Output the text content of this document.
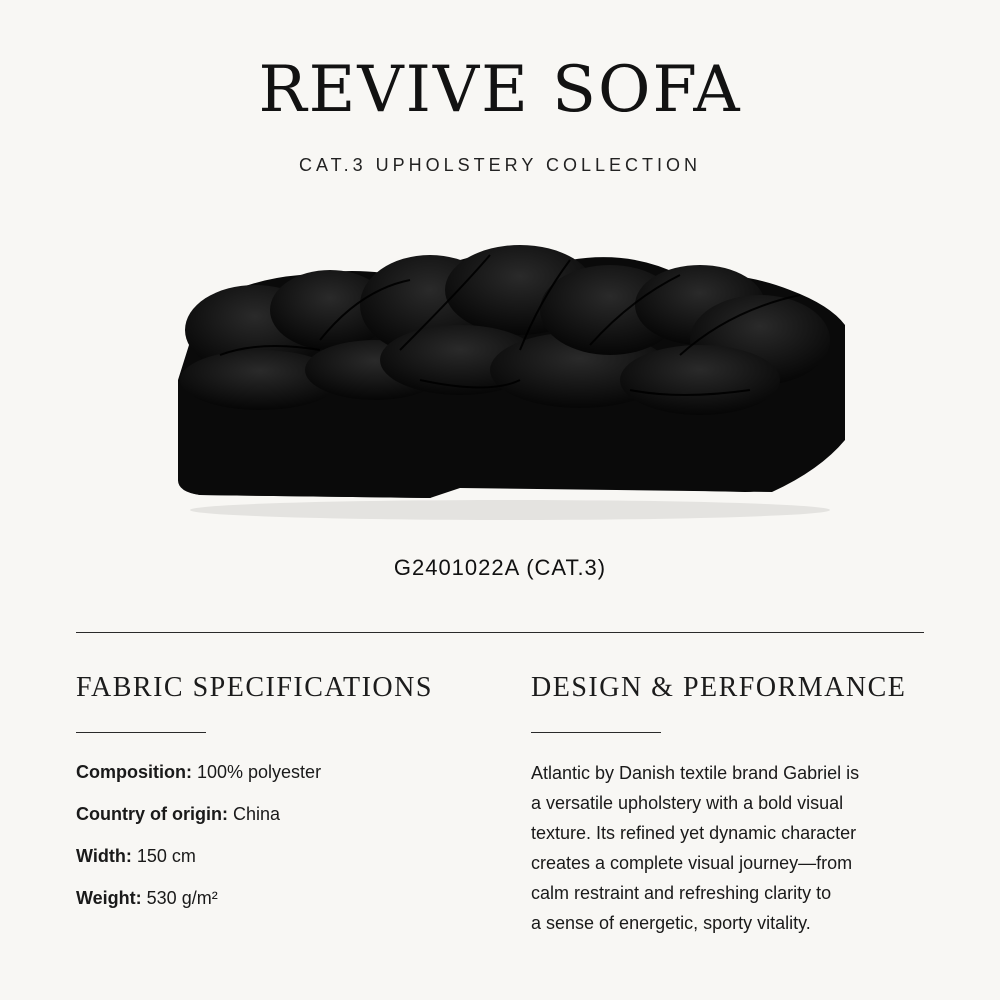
REVIVE SOFA
CAT.3 UPHOLSTERY COLLECTION
G2401022A (CAT.3)
FABRIC SPECIFICATIONS	DESIGN & PERFORMANCE
Composition: 100% polyester
Country of origin: China
Width: 150 cm
Weight: 530 g/m²
Atlantic by Danish textile brand Gabriel is
a versatile upholstery with a bold visual
texture. Its refined yet dynamic character
creates a complete visual journey—from
calm restraint and refreshing clarity to
a sense of energetic, sporty vitality.
